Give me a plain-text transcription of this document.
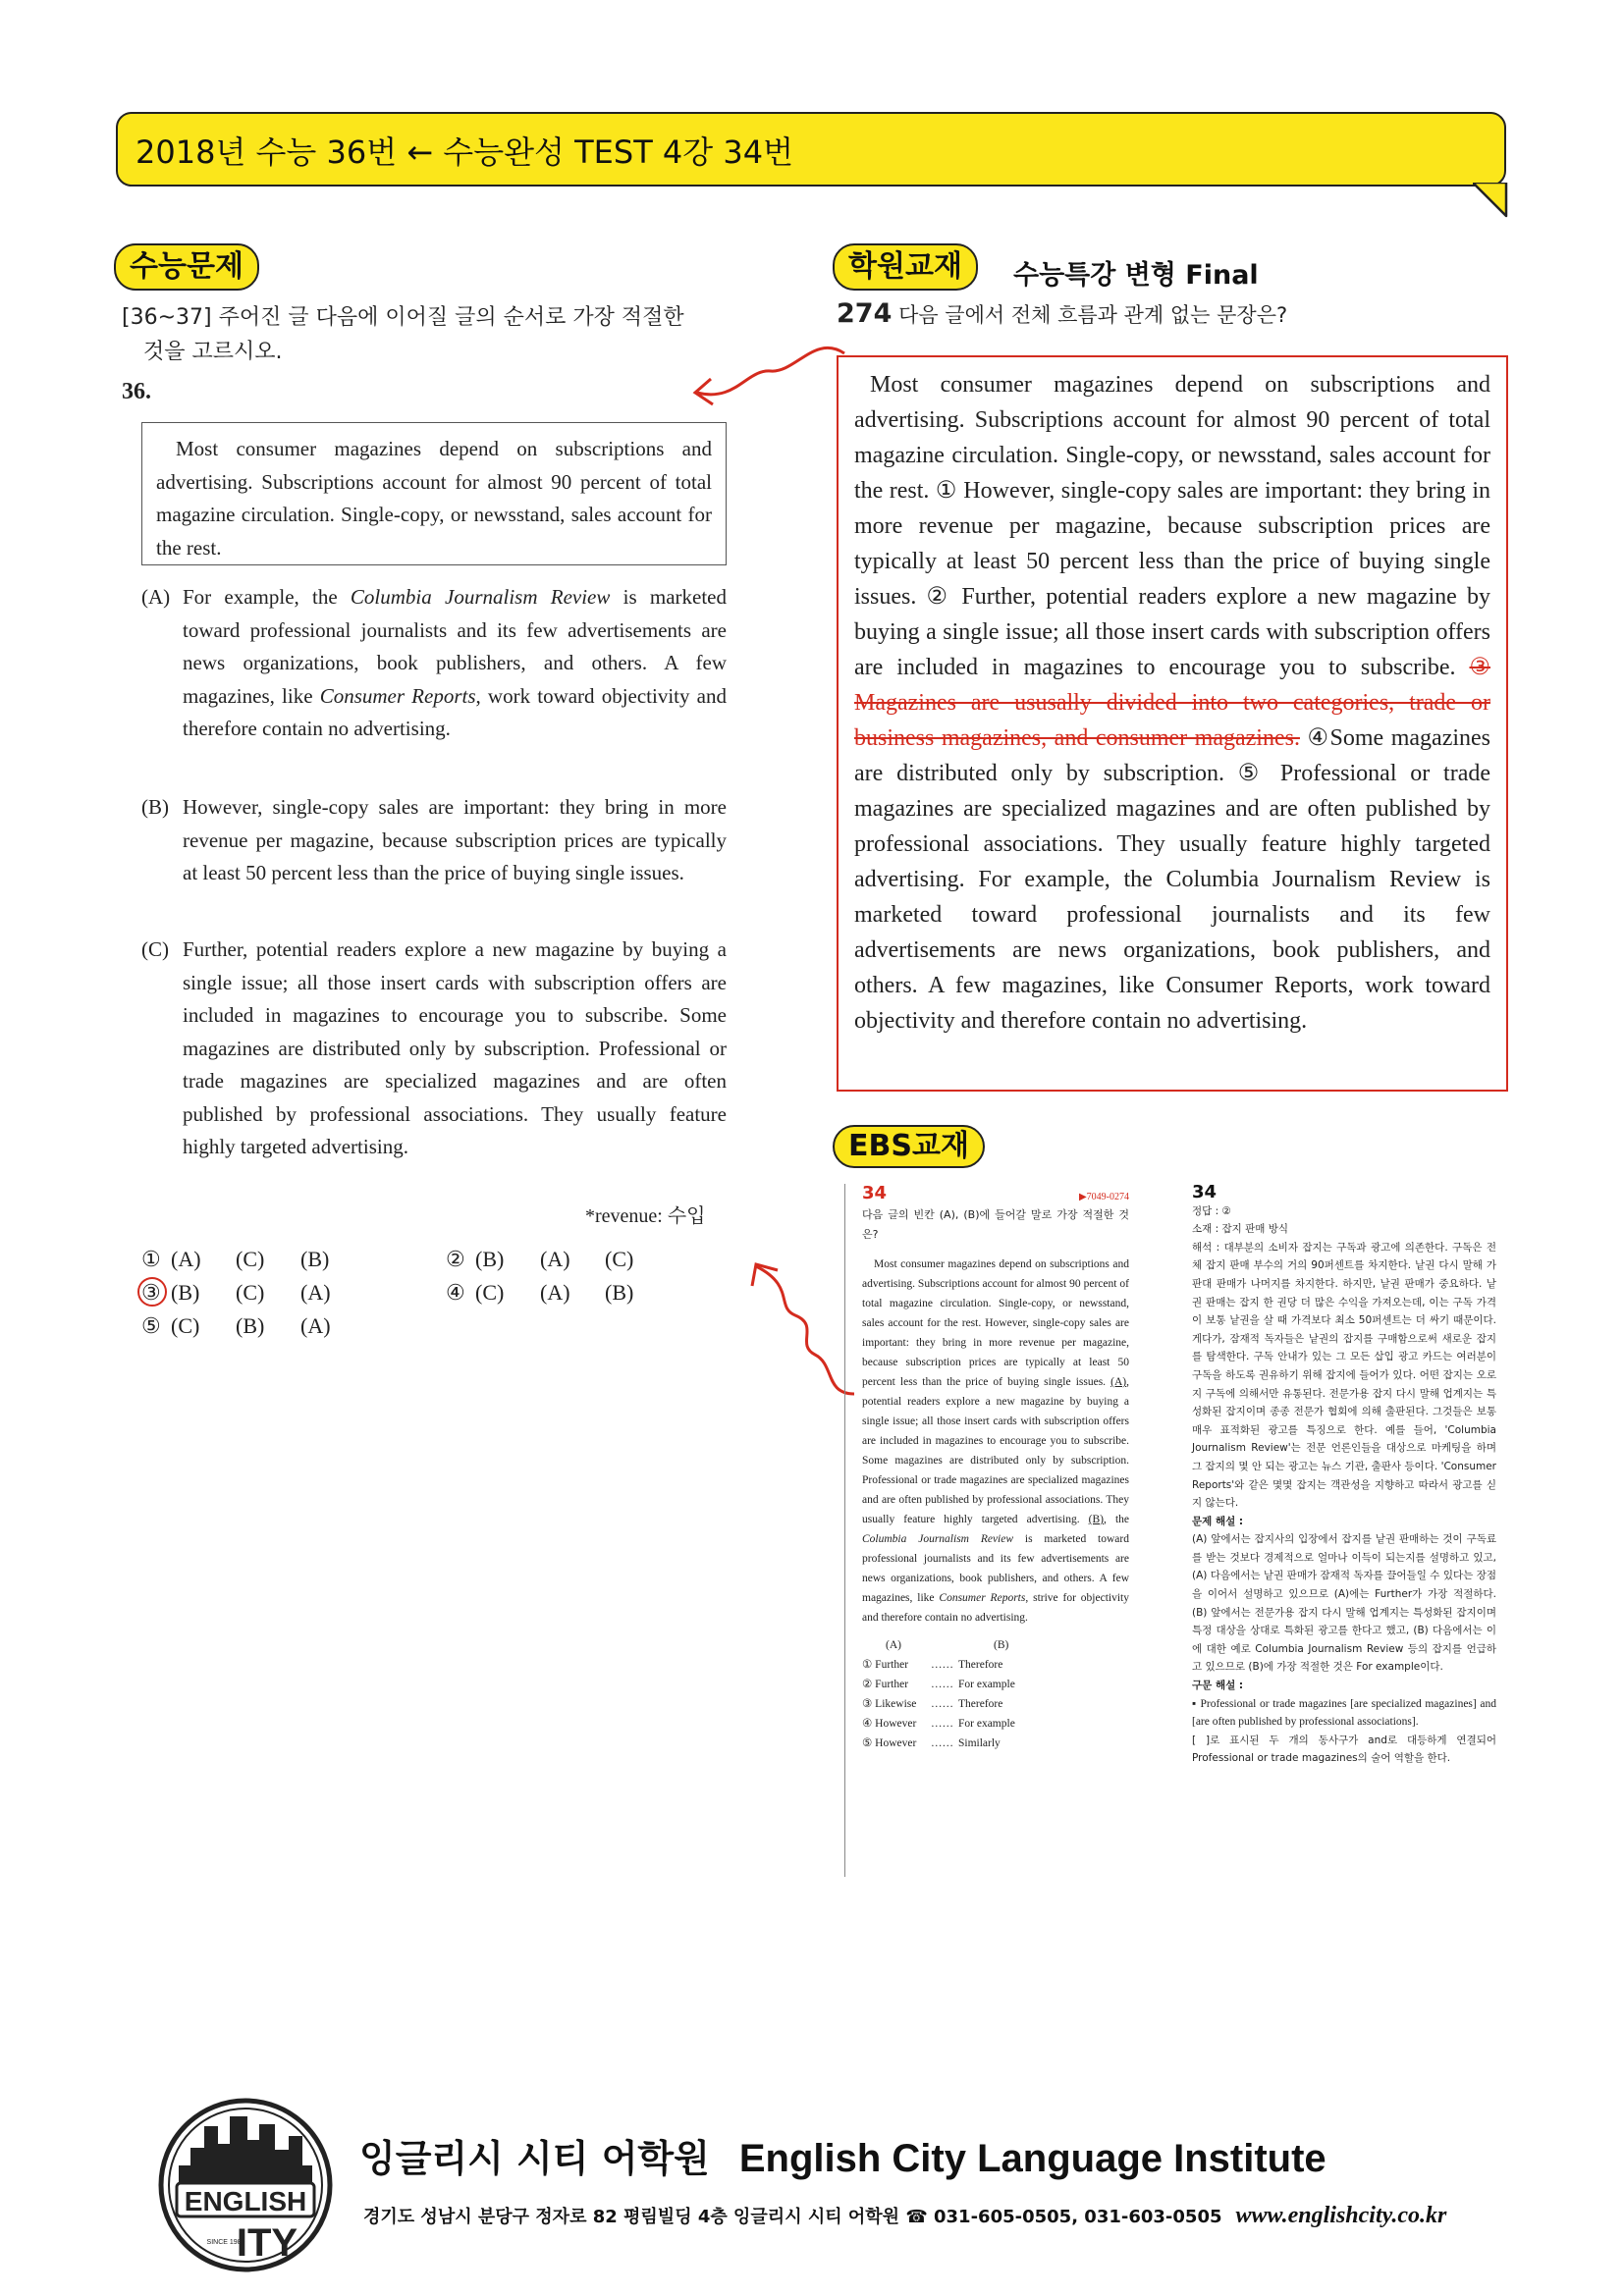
2018년 수능 36번 ← 수능완성 TEST 4강 34번
수능문제
[36~37] 주어진 글 다음에 이어질 글의 순서로 가장 적절한
것을 고르시오.
36.
Most consumer magazines depend on subscriptions and advertising. Subscriptions account for almost 90 percent of total magazine circulation. Single-copy, or newsstand, sales account for the rest.
(A) For example, the Columbia Journalism Review is marketed toward professional journalists and its few advertisements are news organizations, book publishers, and others. A few magazines, like Consumer Reports, work toward objectivity and therefore contain no advertising.
(B) However, single-copy sales are important: they bring in more revenue per magazine, because subscription prices are typically at least 50 percent less than the price of buying single issues.
(C) Further, potential readers explore a new magazine by buying a single issue; all those insert cards with subscription offers are included in magazines to encourage you to subscribe. Some magazines are distributed only by subscription. Professional or trade magazines are specialized magazines and are often published by professional associations. They usually feature highly targeted advertising.
*revenue: 수입
① (A) (C) (B)	② (B) (A) (C)
③ (B) (C) (A)	④ (C) (A) (B)
⑤ (C) (B) (A)
학원교재	수능특강 변형 Final
274 다음 글에서 전체 흐름과 관계 없는 문장은?
Most consumer magazines depend on subscriptions and advertising. Subscriptions account for almost 90 percent of total magazine circulation. Single-copy, or newsstand, sales account for the rest. ① However, single-copy sales are important: they bring in more revenue per magazine, because subscription prices are typically at least 50 percent less than the price of buying single issues. ② Further, potential readers explore a new magazine by buying a single issue; all those insert cards with subscription offers are included in magazines to encourage you to subscribe. ③ Magazines are ususally divided into two categories, trade or business magazines, and consumer magazines. ④Some magazines are distributed only by subscription. ⑤ Professional or trade magazines are specialized magazines and are often published by professional associations. They usually feature highly targeted advertising. For example, the Columbia Journalism Review is marketed toward professional journalists and its few advertisements are news organizations, book publishers, and others. A few magazines, like Consumer Reports, work toward objectivity and therefore contain no advertising.
EBS교재
34	▶7049-0274
다음 글의 빈칸 (A), (B)에 들어갈 말로 가장 적절한 것은?
Most consumer magazines depend on subscriptions and advertising. Subscriptions account for almost 90 percent of total magazine circulation. Single-copy, or newsstand, sales account for the rest. However, single-copy sales are important: they bring in more revenue per magazine, because subscription prices are typically at least 50 percent less than the price of buying single issues. (A), potential readers explore a new magazine by buying a single issue; all those insert cards with subscription offers are included in magazines to encourage you to subscribe. Some magazines are distributed only by subscription. Professional or trade magazines are specialized magazines and are often published by professional associations. They usually feature highly targeted advertising. (B), the Columbia Journalism Review is marketed toward professional journalists and its few advertisements are news organizations, book publishers, and others. A few magazines, like Consumer Reports, strive for objectivity and therefore contain no advertising.
(A)	(B)
① Further …… Therefore
② Further …… For example
③ Likewise …… Therefore
④ However …… For example
⑤ However …… Similarly
34
정답 : ②
소재 : 잡지 판매 방식
해석 : 대부분의 소비자 잡지는 구독과 광고에 의존한다. 구독은 전체 잡지 판매 부수의 거의 90퍼센트를 차지한다. 낱권 다시 말해 가판대 판매가 나머지를 차지한다. 하지만, 낱권 판매가 중요하다. 낱권 판매는 잡지 한 권당 더 많은 수익을 가져오는데, 이는 구독 가격이 보통 낱권을 살 때 가격보다 최소 50퍼센트는 더 싸기 때문이다. 게다가, 잠재적 독자들은 낱권의 잡지를 구매함으로써 새로운 잡지를 탐색한다. 구독 안내가 있는 그 모든 삽입 광고 카드는 여러분이 구독을 하도록 권유하기 위해 잡지에 들어가 있다. 어떤 잡지는 오로지 구독에 의해서만 유통된다. 전문가용 잡지 다시 말해 업계지는 특성화된 잡지이며 종종 전문가 협회에 의해 출판된다. 그것들은 보통 매우 표적화된 광고를 특징으로 한다. 예를 들어, 'Columbia Journalism Review'는 전문 언론인들을 대상으로 마케팅을 하며 그 잡지의 몇 안 되는 광고는 뉴스 기관, 출판사 등이다. 'Consumer Reports'와 같은 몇몇 잡지는 객관성을 지향하고 따라서 광고를 싣지 않는다.
문제 해설 :
(A) 앞에서는 잡지사의 입장에서 잡지를 낱권 판매하는 것이 구독료를 받는 것보다 경제적으로 얼마나 이득이 되는지를 설명하고 있고, (A) 다음에서는 낱권 판매가 잠재적 독자를 끌어들일 수 있다는 장점을 이어서 설명하고 있으므로 (A)에는 Further가 가장 적절하다. (B) 앞에서는 전문가용 잡지 다시 말해 업계지는 특성화된 잡지이며 특정 대상을 상대로 특화된 광고를 한다고 했고, (B) 다음에서는 이에 대한 예로 Columbia Journalism Review 등의 잡지를 언급하고 있으므로 (B)에 가장 적절한 것은 For example이다.
구문 해설 :
▪ Professional or trade magazines [are specialized magazines] and [are often published by professional associations].
[ ]로 표시된 두 개의 동사구가 and로 대등하게 연결되어 Professional or trade magazines의 술어 역할을 한다.
ENGLISH
SINCE 1989
ITY
잉글리시 시티 어학원 English City Language Institute
경기도 성남시 분당구 정자로 82 평림빌딩 4층 잉글리시 시티 어학원 ☎ 031-605-0505, 031-603-0505 www.englishcity.co.kr
